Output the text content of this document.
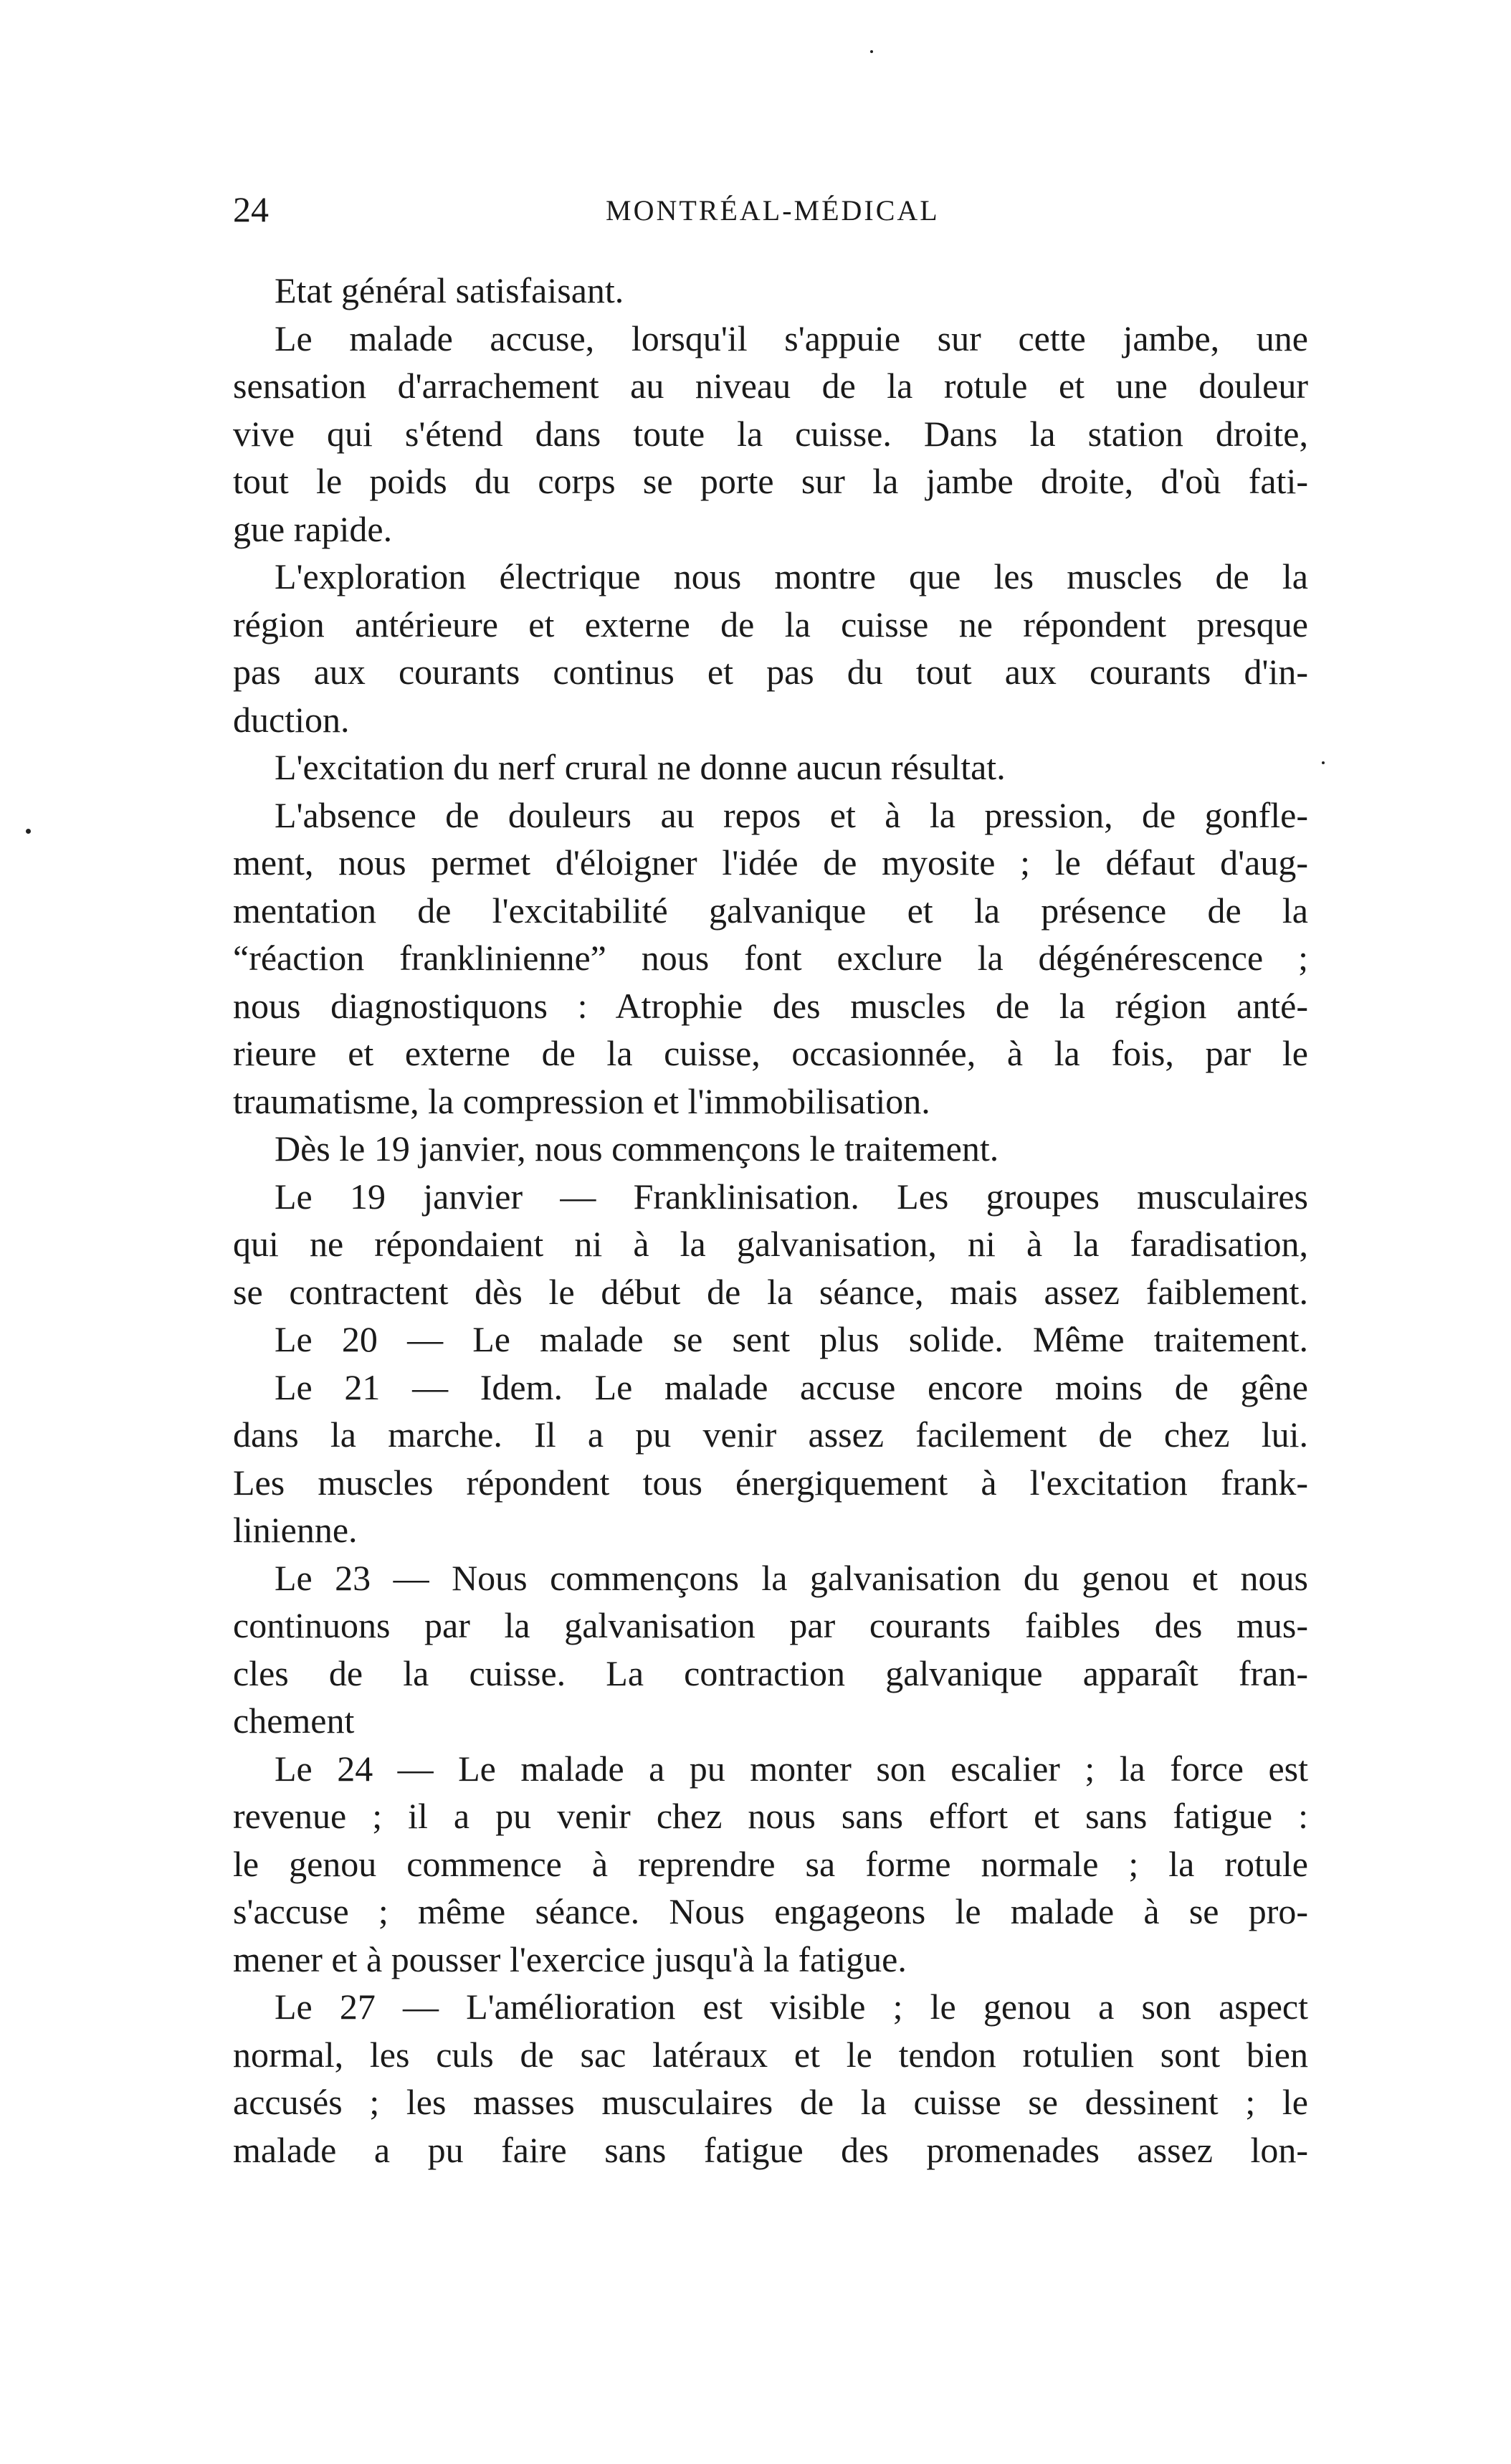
24	MONTRÉAL-MÉDICAL
Etat général satisfaisant.
Le malade accuse, lorsqu'il s'appuie sur cette jambe, une
sensation d'arrachement au niveau de la rotule et une douleur
vive qui s'étend dans toute la cuisse. Dans la station droite,
tout le poids du corps se porte sur la jambe droite, d'où fati-
gue rapide.
L'exploration électrique nous montre que les muscles de la
région antérieure et externe de la cuisse ne répondent presque
pas aux courants continus et pas du tout aux courants d'in-
duction.
L'excitation du nerf crural ne donne aucun résultat.
L'absence de douleurs au repos et à la pression, de gonfle-
ment, nous permet d'éloigner l'idée de myosite ; le défaut d'aug-
mentation de l'excitabilité galvanique et la présence de la
“réaction franklinienne” nous font exclure la dégénérescence ;
nous diagnostiquons : Atrophie des muscles de la région anté-
rieure et externe de la cuisse, occasionnée, à la fois, par le
traumatisme, la compression et l'immobilisation.
Dès le 19 janvier, nous commençons le traitement.
Le 19 janvier — Franklinisation. Les groupes musculaires
qui ne répondaient ni à la galvanisation, ni à la faradisation,
se contractent dès le début de la séance, mais assez faiblement.
Le 20 — Le malade se sent plus solide. Même traitement.
Le 21 — Idem. Le malade accuse encore moins de gêne
dans la marche. Il a pu venir assez facilement de chez lui.
Les muscles répondent tous énergiquement à l'excitation frank-
linienne.
Le 23 — Nous commençons la galvanisation du genou et nous
continuons par la galvanisation par courants faibles des mus-
cles de la cuisse. La contraction galvanique apparaît fran-
chement
Le 24 — Le malade a pu monter son escalier ; la force est
revenue ; il a pu venir chez nous sans effort et sans fatigue :
le genou commence à reprendre sa forme normale ; la rotule
s'accuse ; même séance. Nous engageons le malade à se pro-
mener et à pousser l'exercice jusqu'à la fatigue.
Le 27 — L'amélioration est visible ; le genou a son aspect
normal, les culs de sac latéraux et le tendon rotulien sont bien
accusés ; les masses musculaires de la cuisse se dessinent ; le
malade a pu faire sans fatigue des promenades assez lon-
